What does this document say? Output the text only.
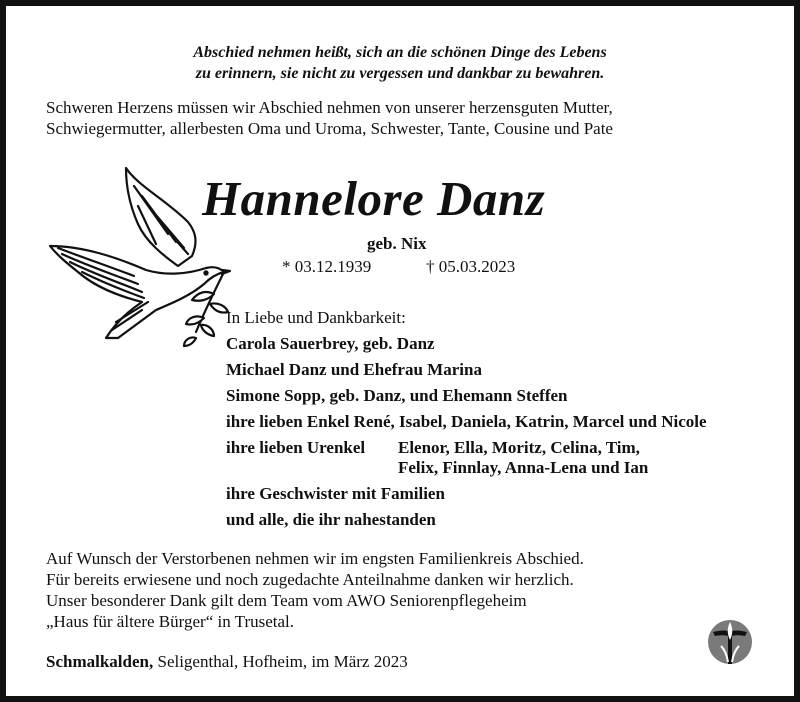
Abschied nehmen heißt, sich an die schönen Dinge des Lebens
zu erinnern, sie nicht zu vergessen und dankbar zu bewahren.
Schweren Herzens müssen wir Abschied nehmen von unserer herzensguten Mutter,
Schwiegermutter, allerbesten Oma und Uroma, Schwester, Tante, Cousine und Pate
Hannelore Danz
geb. Nix
* 03.12.1939	† 05.03.2023
In Liebe und Dankbarkeit:
Carola Sauerbrey, geb. Danz
Michael Danz und Ehefrau Marina
Simone Sopp, geb. Danz, und Ehemann Steffen
ihre lieben Enkel René, Isabel, Daniela, Katrin, Marcel und Nicole
ihre lieben Urenkel Elenor, Ella, Moritz, Celina, Tim,
Felix, Finnlay, Anna-Lena und Ian
ihre Geschwister mit Familien
und alle, die ihr nahestanden
Auf Wunsch der Verstorbenen nehmen wir im engsten Familienkreis Abschied.
Für bereits erwiesene und noch zugedachte Anteilnahme danken wir herzlich.
Unser besonderer Dank gilt dem Team vom AWO Seniorenpflegeheim
„Haus für ältere Bürger“ in Trusetal.
Schmalkalden, Seligenthal, Hofheim, im März 2023
